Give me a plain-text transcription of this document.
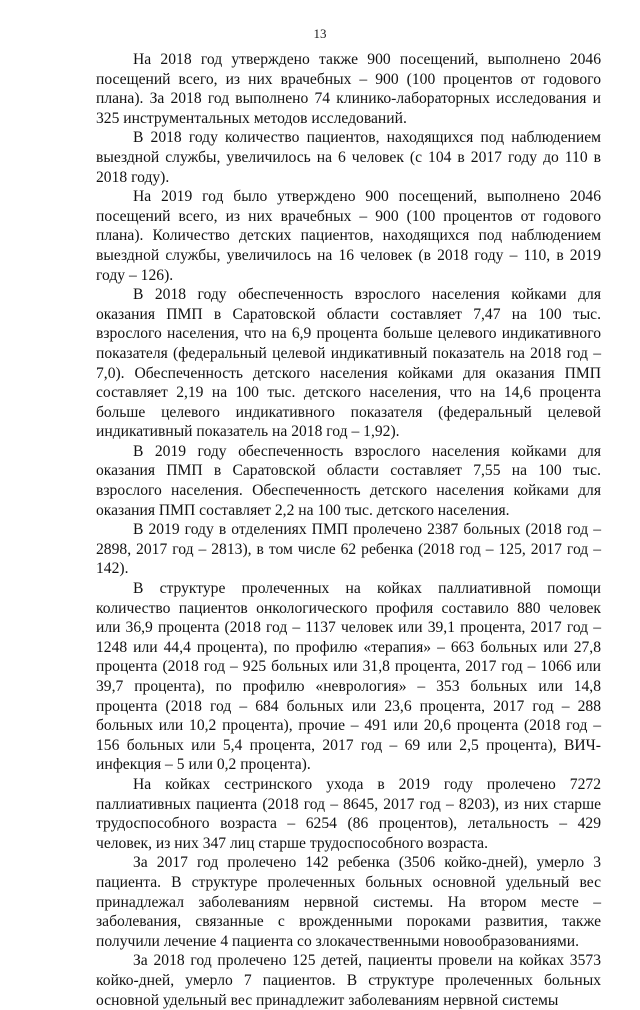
13

На 2018 год утверждено также 900 посещений, выполнено 2046 посещений всего, из них врачебных – 900 (100 процентов от годового плана). За 2018 год выполнено 74 клинико-лабораторных исследования и 325 инструментальных методов исследований.

В 2018 году количество пациентов, находящихся под наблюдением выездной службы, увеличилось на 6 человек (с 104 в 2017 году до 110 в 2018 году).

На 2019 год было утверждено 900 посещений, выполнено 2046 посещений всего, из них врачебных – 900 (100 процентов от годового плана). Количество детских пациентов, находящихся под наблюдением выездной службы, увеличилось на 16 человек (в 2018 году – 110, в 2019 году – 126).

В 2018 году обеспеченность взрослого населения койками для оказания ПМП в Саратовской области составляет 7,47 на 100 тыс. взрослого населения, что на 6,9 процента больше целевого индикативного показателя (федеральный целевой индикативный показатель на 2018 год – 7,0). Обеспеченность детского населения койками для оказания ПМП составляет 2,19 на 100 тыс. детского населения, что на 14,6 процента больше целевого индикативного показателя (федеральный целевой индикативный показатель на 2018 год – 1,92).

В 2019 году обеспеченность взрослого населения койками для оказания ПМП в Саратовской области составляет 7,55 на 100 тыс. взрослого населения. Обеспеченность детского населения койками для оказания ПМП составляет 2,2 на 100 тыс. детского населения.

В 2019 году в отделениях ПМП пролечено 2387 больных (2018 год – 2898, 2017 год – 2813), в том числе 62 ребенка (2018 год – 125, 2017 год – 142).

В структуре пролеченных на койках паллиативной помощи количество пациентов онкологического профиля составило 880 человек или 36,9 процента (2018 год – 1137 человек или 39,1 процента, 2017 год – 1248 или 44,4 процента), по профилю «терапия» – 663 больных или 27,8 процента (2018 год – 925 больных или 31,8 процента, 2017 год – 1066 или 39,7 процента), по профилю «неврология» – 353 больных или 14,8 процента (2018 год – 684 больных или 23,6 процента, 2017 год – 288 больных или 10,2 процента), прочие – 491 или 20,6 процента (2018 год – 156 больных или 5,4 процента, 2017 год – 69 или 2,5 процента), ВИЧ-инфекция – 5 или 0,2 процента).

На койках сестринского ухода в 2019 году пролечено 7272 паллиативных пациента (2018 год – 8645, 2017 год – 8203), из них старше трудоспособного возраста – 6254 (86 процентов), летальность – 429 человек, из них 347 лиц старше трудоспособного возраста.

За 2017 год пролечено 142 ребенка (3506 койко-дней), умерло 3 пациента. В структуре пролеченных больных основной удельный вес принадлежал заболеваниям нервной системы. На втором месте – заболевания, связанные с врожденными пороками развития, также получили лечение 4 пациента со злокачественными новообразованиями.

За 2018 год пролечено 125 детей, пациенты провели на койках 3573 койко-дней, умерло 7 пациентов. В структуре пролеченных больных основной удельный вес принадлежит заболеваниям нервной системы
